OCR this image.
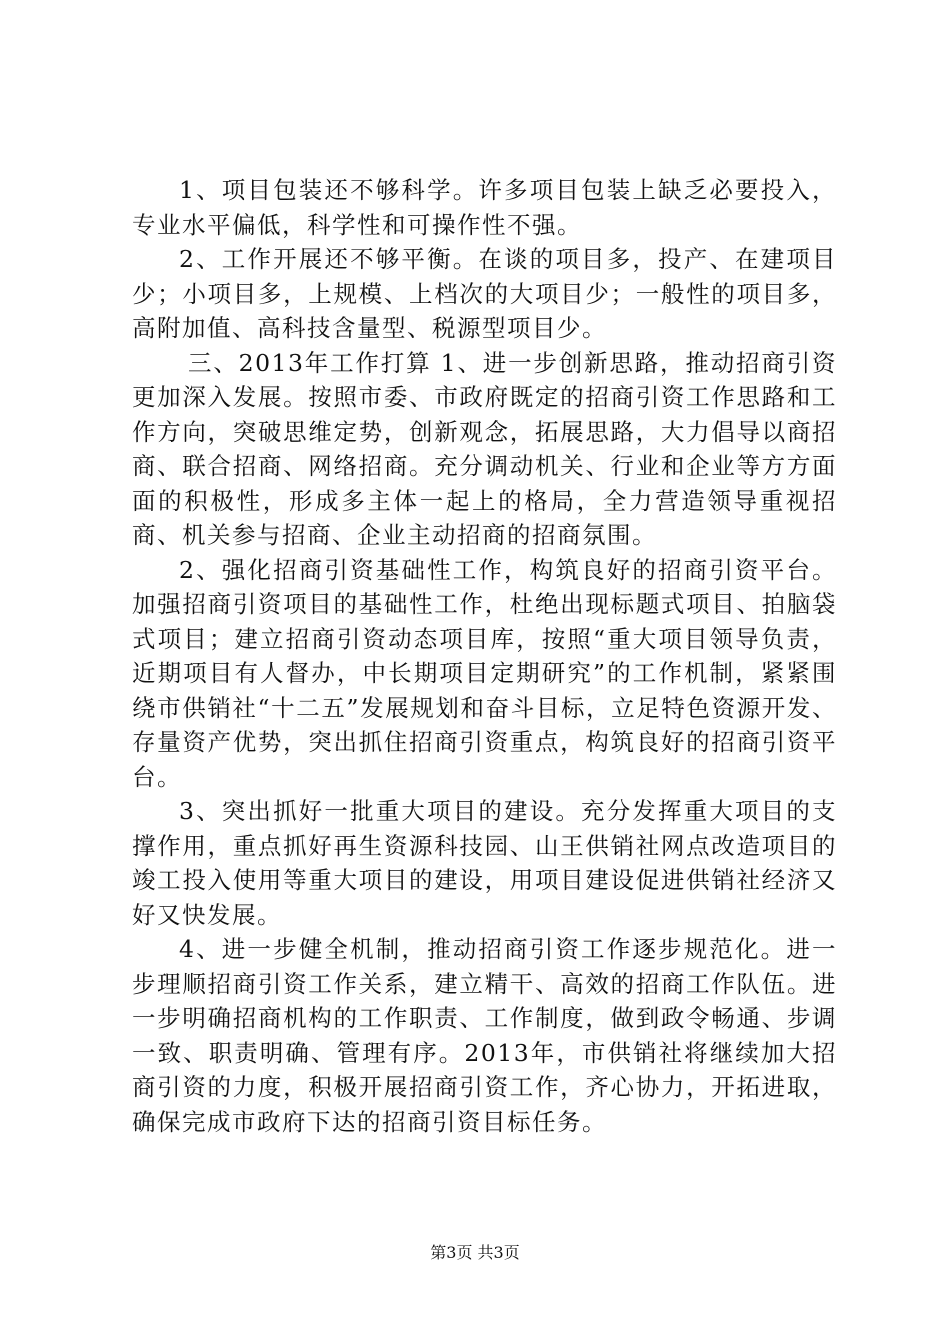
1、项目包装还不够科学。许多项目包装上缺乏必要投入，专业水平偏低，科学性和可操作性不强。

2、工作开展还不够平衡。在谈的项目多，投产、在建项目少；小项目多，上规模、上档次的大项目少；一般性的项目多，高附加值、高科技含量型、税源型项目少。

三、2013年工作打算 1、进一步创新思路，推动招商引资更加深入发展。按照市委、市政府既定的招商引资工作思路和工作方向，突破思维定势，创新观念，拓展思路，大力倡导以商招商、联合招商、网络招商。充分调动机关、行业和企业等方方面面的积极性，形成多主体一起上的格局，全力营造领导重视招商、机关参与招商、企业主动招商的招商氛围。

2、强化招商引资基础性工作，构筑良好的招商引资平台。加强招商引资项目的基础性工作，杜绝出现标题式项目、拍脑袋式项目；建立招商引资动态项目库，按照“重大项目领导负责，近期项目有人督办，中长期项目定期研究”的工作机制，紧紧围绕市供销社“十二五”发展规划和奋斗目标，立足特色资源开发、存量资产优势，突出抓住招商引资重点，构筑良好的招商引资平台。

3、突出抓好一批重大项目的建设。充分发挥重大项目的支撑作用，重点抓好再生资源科技园、山王供销社网点改造项目的竣工投入使用等重大项目的建设，用项目建设促进供销社经济又好又快发展。

4、进一步健全机制，推动招商引资工作逐步规范化。进一步理顺招商引资工作关系，建立精干、高效的招商工作队伍。进一步明确招商机构的工作职责、工作制度，做到政令畅通、步调一致、职责明确、管理有序。2013年，市供销社将继续加大招商引资的力度，积极开展招商引资工作，齐心协力，开拓进取，确保完成市政府下达的招商引资目标任务。

第3页 共3页
